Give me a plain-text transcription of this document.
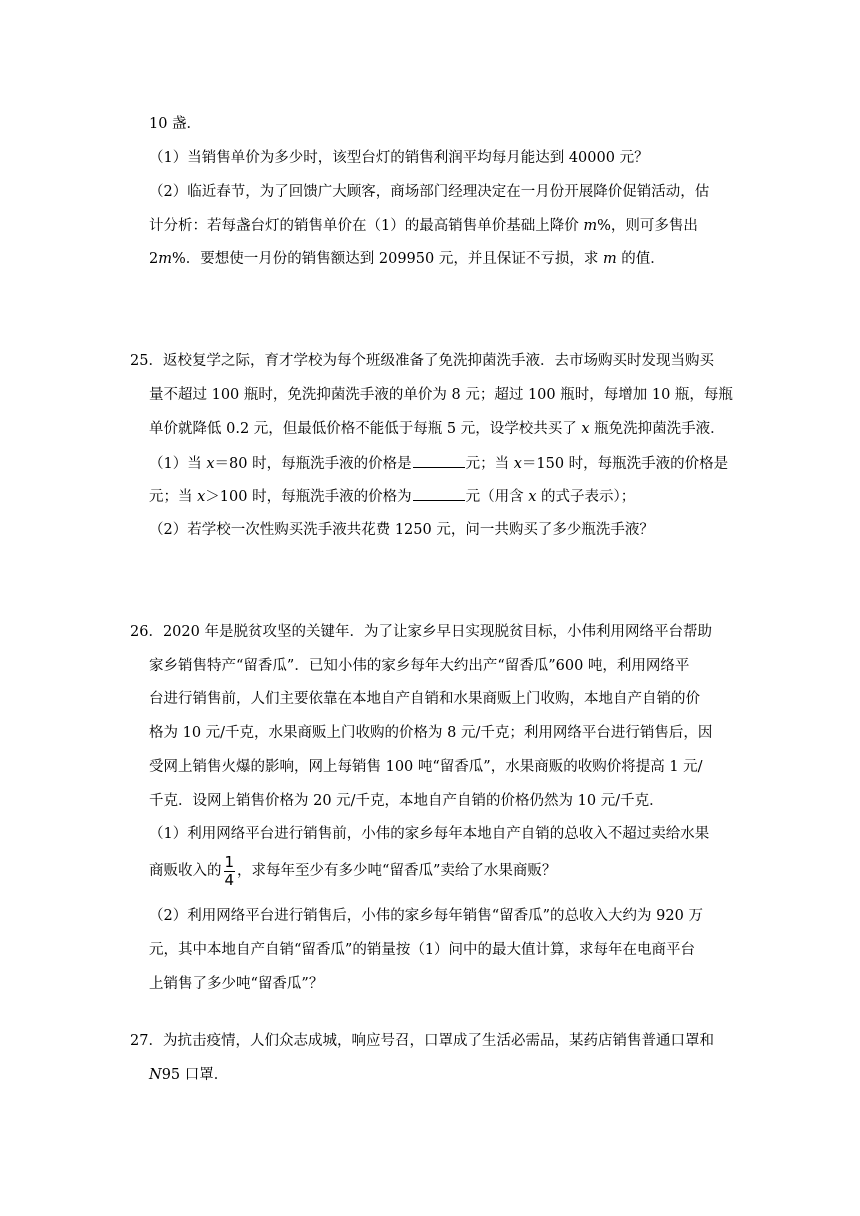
10 盏．
（1）当销售单价为多少时，该型台灯的销售利润平均每月能达到 40000 元？
（2）临近春节，为了回馈广大顾客，商场部门经理决定在一月份开展降价促销活动，估
计分析：若每盏台灯的销售单价在（1）的最高销售单价基础上降价 m%，则可多售出
2m%．要想使一月份的销售额达到 209950 元，并且保证不亏损，求 m 的值．
25．返校复学之际，育才学校为每个班级准备了免洗抑菌洗手液．去市场购买时发现当购买
量不超过 100 瓶时，免洗抑菌洗手液的单价为 8 元；超过 100 瓶时，每增加 10 瓶，每瓶
单价就降低 0.2 元，但最低价格不能低于每瓶 5 元，设学校共买了 x 瓶免洗抑菌洗手液．
（1）当 x＝80 时，每瓶洗手液的价格是	元；当 x＝150 时，每瓶洗手液的价格是
元；当 x＞100 时，每瓶洗手液的价格为	元（用含 x 的式子表示）；
（2）若学校一次性购买洗手液共花费 1250 元，问一共购买了多少瓶洗手液？
26．2020 年是脱贫攻坚的关键年．为了让家乡早日实现脱贫目标，小伟利用网络平台帮助
家乡销售特产“留香瓜”．已知小伟的家乡每年大约出产“留香瓜”600 吨，利用网络平
台进行销售前，人们主要依靠在本地自产自销和水果商贩上门收购，本地自产自销的价
格为 10 元/千克，水果商贩上门收购的价格为 8 元/千克；利用网络平台进行销售后，因
受网上销售火爆的影响，网上每销售 100 吨“留香瓜”，水果商贩的收购价将提高 1 元/
千克．设网上销售价格为 20 元/千克，本地自产自销的价格仍然为 10 元/千克．
（1）利用网络平台进行销售前，小伟的家乡每年本地自产自销的总收入不超过卖给水果
商贩收入的 $\frac{1}{4}$ ，求每年至少有多少吨“留香瓜”卖给了水果商贩？
（2）利用网络平台进行销售后，小伟的家乡每年销售“留香瓜”的总收入大约为 920 万
元，其中本地自产自销“留香瓜”的销量按（1）问中的最大值计算，求每年在电商平台
上销售了多少吨“留香瓜”？
27．为抗击疫情，人们众志成城，响应号召，口罩成了生活必需品，某药店销售普通口罩和
N95 口罩．
